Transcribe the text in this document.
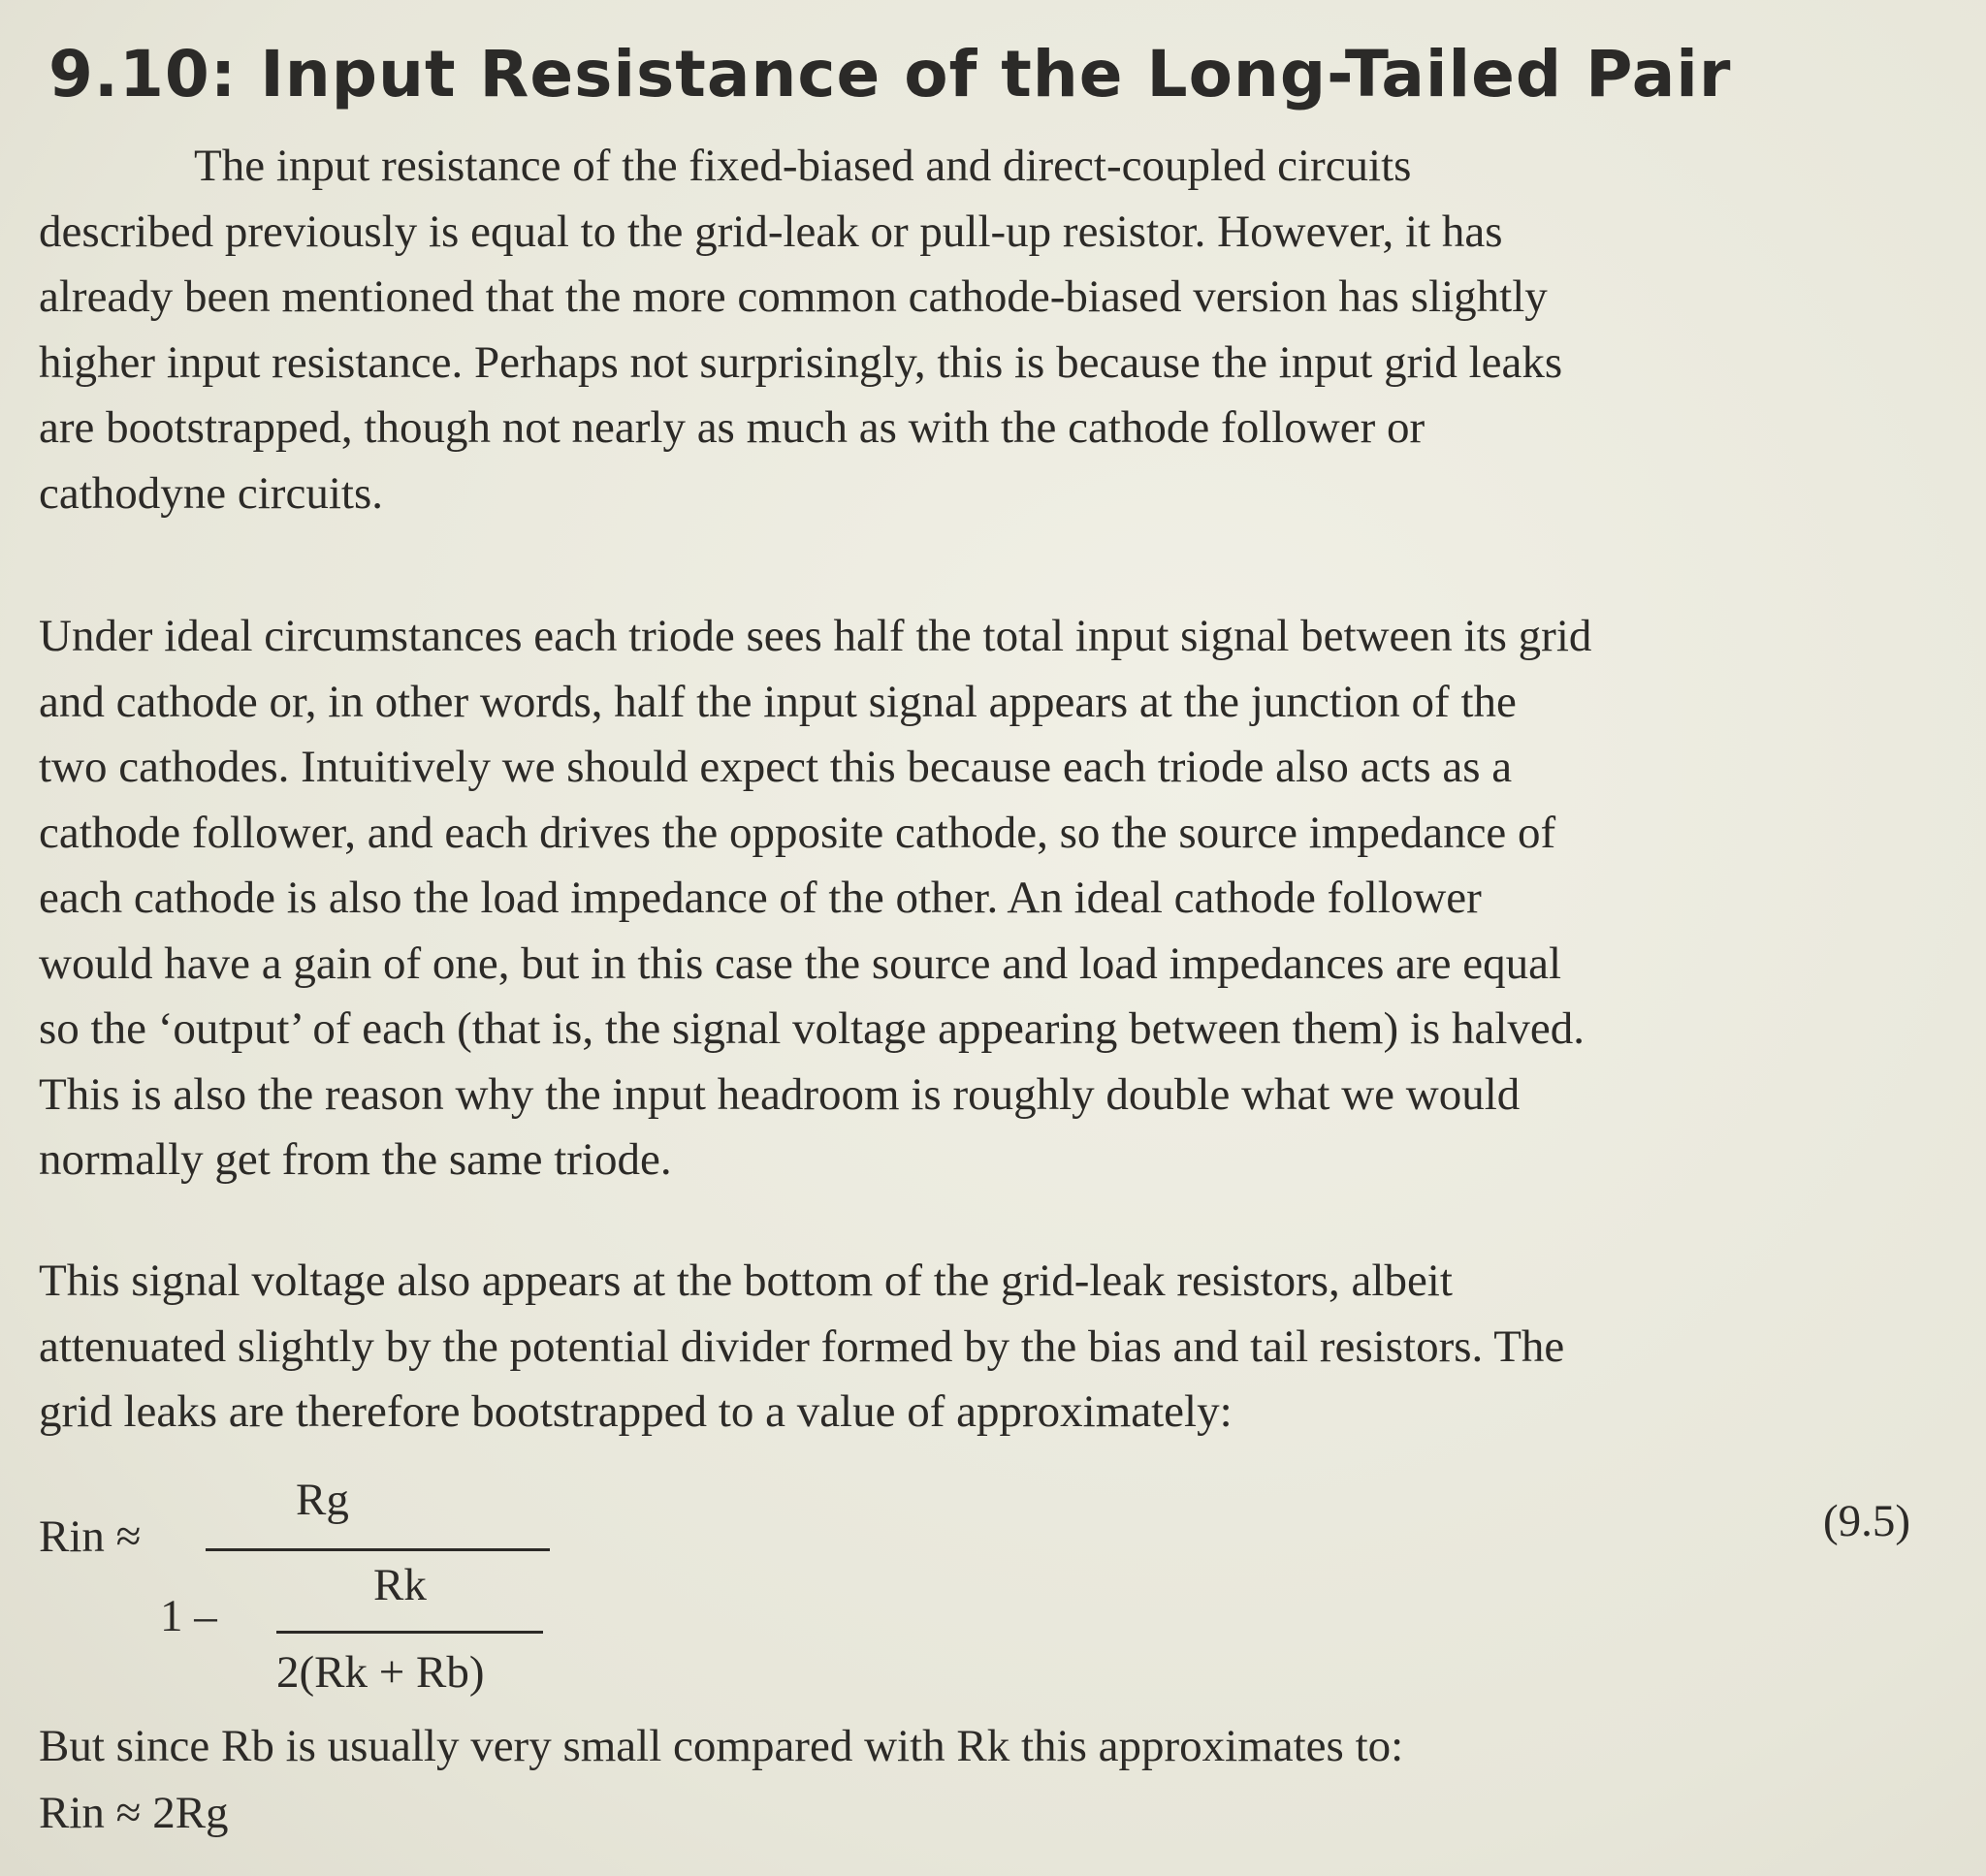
9.10: Input Resistance of the Long-Tailed Pair

The input resistance of the fixed-biased and direct-coupled circuits
described previously is equal to the grid-leak or pull-up resistor. However, it has
already been mentioned that the more common cathode-biased version has slightly
higher input resistance. Perhaps not surprisingly, this is because the input grid leaks
are bootstrapped, though not nearly as much as with the cathode follower or
cathodyne circuits.

Under ideal circumstances each triode sees half the total input signal between its grid
and cathode or, in other words, half the input signal appears at the junction of the
two cathodes. Intuitively we should expect this because each triode also acts as a
cathode follower, and each drives the opposite cathode, so the source impedance of
each cathode is also the load impedance of the other. An ideal cathode follower
would have a gain of one, but in this case the source and load impedances are equal
so the ‘output’ of each (that is, the signal voltage appearing between them) is halved.
This is also the reason why the input headroom is roughly double what we would
normally get from the same triode.

This signal voltage also appears at the bottom of the grid-leak resistors, albeit
attenuated slightly by the potential divider formed by the bias and tail resistors. The
grid leaks are therefore bootstrapped to a value of approximately:

Rin ≈
Rg
1 –
Rk
2(Rk + Rb)
(9.5)

But since Rb is usually very small compared with Rk this approximates to:

Rin ≈ 2Rg
